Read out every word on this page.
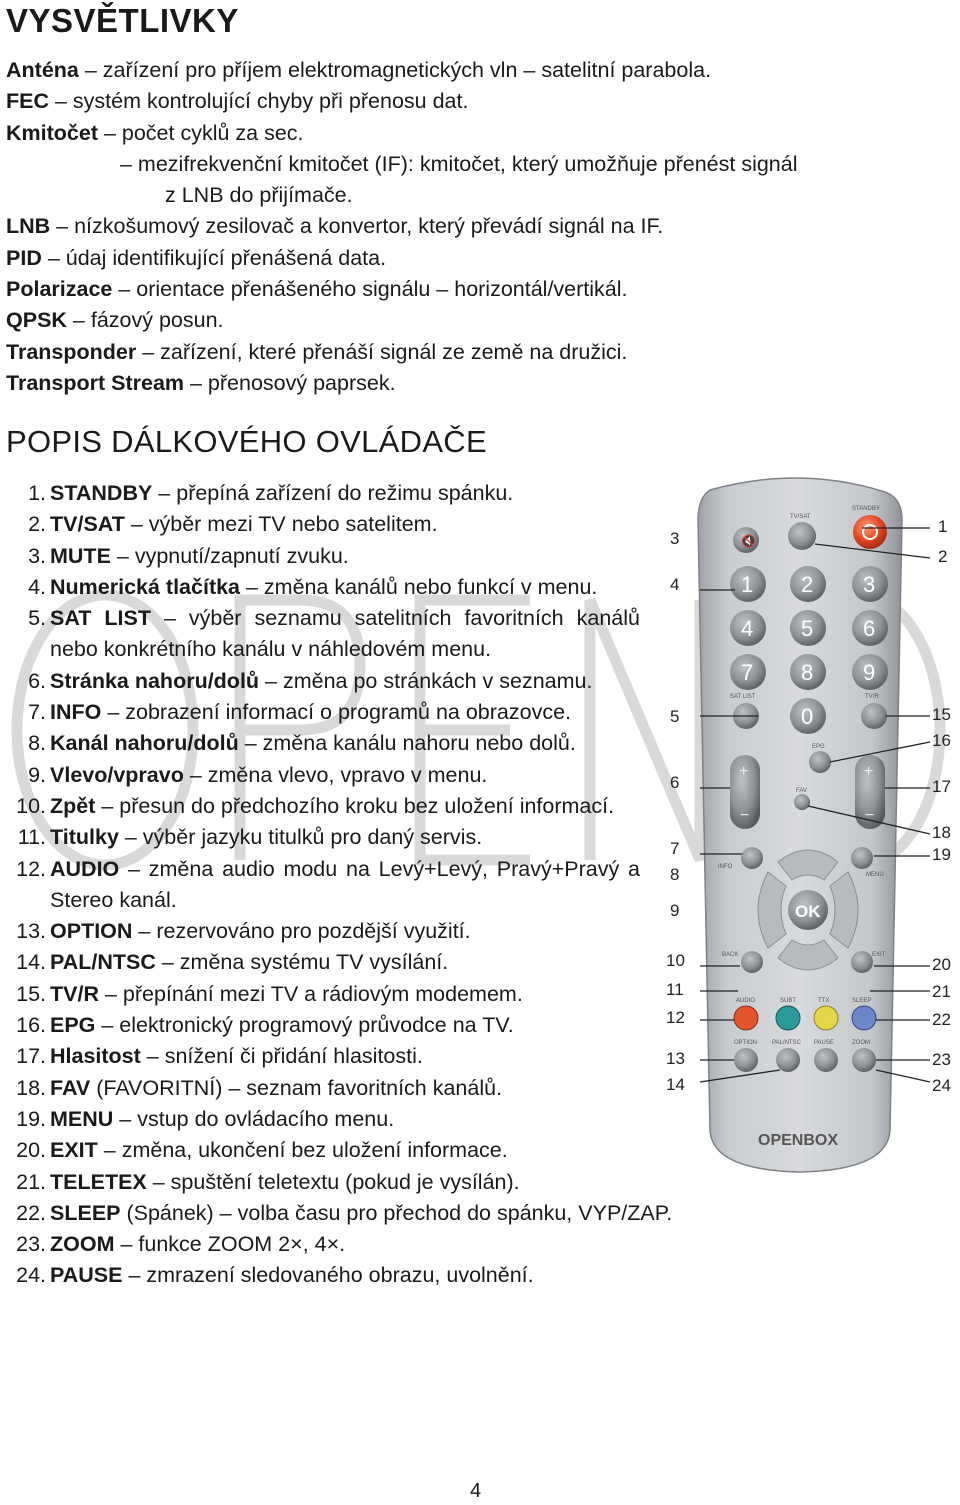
VYSVĚTLIVKY
Anténa – zařízení pro příjem elektromagnetických vln – satelitní parabola.
FEC – systém kontrolující chyby při přenosu dat.
Kmitočet – počet cyklů za sec.
– mezifrekvenční kmitočet (IF): kmitočet, který umožňuje přenést signál
z LNB do přijímače.
LNB – nízkošumový zesilovač a konvertor, který převádí signál na IF.
PID – údaj identifikující přenášená data.
Polarizace – orientace přenášeného signálu – horizontál/vertikál.
QPSK – fázový posun.
Transponder – zařízení, které přenáší signál ze země na družici.
Transport Stream – přenosový paprsek.
POPIS DÁLKOVÉHO OVLÁDAČE
1. STANDBY – přepíná zařízení do režimu spánku.
2. TV/SAT – výběr mezi TV nebo satelitem.
3. MUTE – vypnutí/zapnutí zvuku.
4. Numerická tlačítka – změna kanálů nebo funkcí v menu.
5. SAT LIST – výběr seznamu satelitních favoritních kanálů nebo konkrétního kanálu v náhledovém menu.
6. Stránka nahoru/dolů – změna po stránkách v seznamu.
7. INFO – zobrazení informací o programů na obrazovce.
8. Kanál nahoru/dolů – změna kanálu nahoru nebo dolů.
9. Vlevo/vpravo – změna vlevo, vpravo v menu.
10. Zpět – přesun do předchozího kroku bez uložení informací.
11. Titulky – výběr jazyku titulků pro daný servis.
12. AUDIO – změna audio modu na Levý+Levý, Pravý+Pravý a Stereo kanál.
13. OPTION – rezervováno pro pozdější využití.
14. PAL/NTSC – změna systému TV vysílání.
15. TV/R – přepínání mezi TV a rádiovým modemem.
16. EPG – elektronický programový průvodce na TV.
17. Hlasitost – snížení či přidání hlasitosti.
18. FAV (FAVORITNÍ) – seznam favoritních kanálů.
19. MENU – vstup do ovládacího menu.
20. EXIT – změna, ukončení bez uložení informace.
21. TELETEX – spuštění teletextu (pokud je vysílán).
22. SLEEP (Spánek) – volba času pro přechod do spánku, VYP/ZAP.
23. ZOOM – funkce ZOOM 2×, 4×.
24. PAUSE – zmrazení sledovaného obrazu, uvolnění.
🔇
TV/SAT
STANDBY
1 2 3
4 5 6
7 8 9
0
SAT LIST	TV/R
EPG
+
−
+
−
FAV
INFO
MENU
OK
BACK	EXIT
AUDIO	SUBT	TTX	SLEEP
OPTION PAL/NTSC PAUSE	ZOOM
OPENBOX
3
4
5
6
7
8
9
10
11
12
13
14
1
2
15
16
17
18
19
20
21
22
23
24
4
